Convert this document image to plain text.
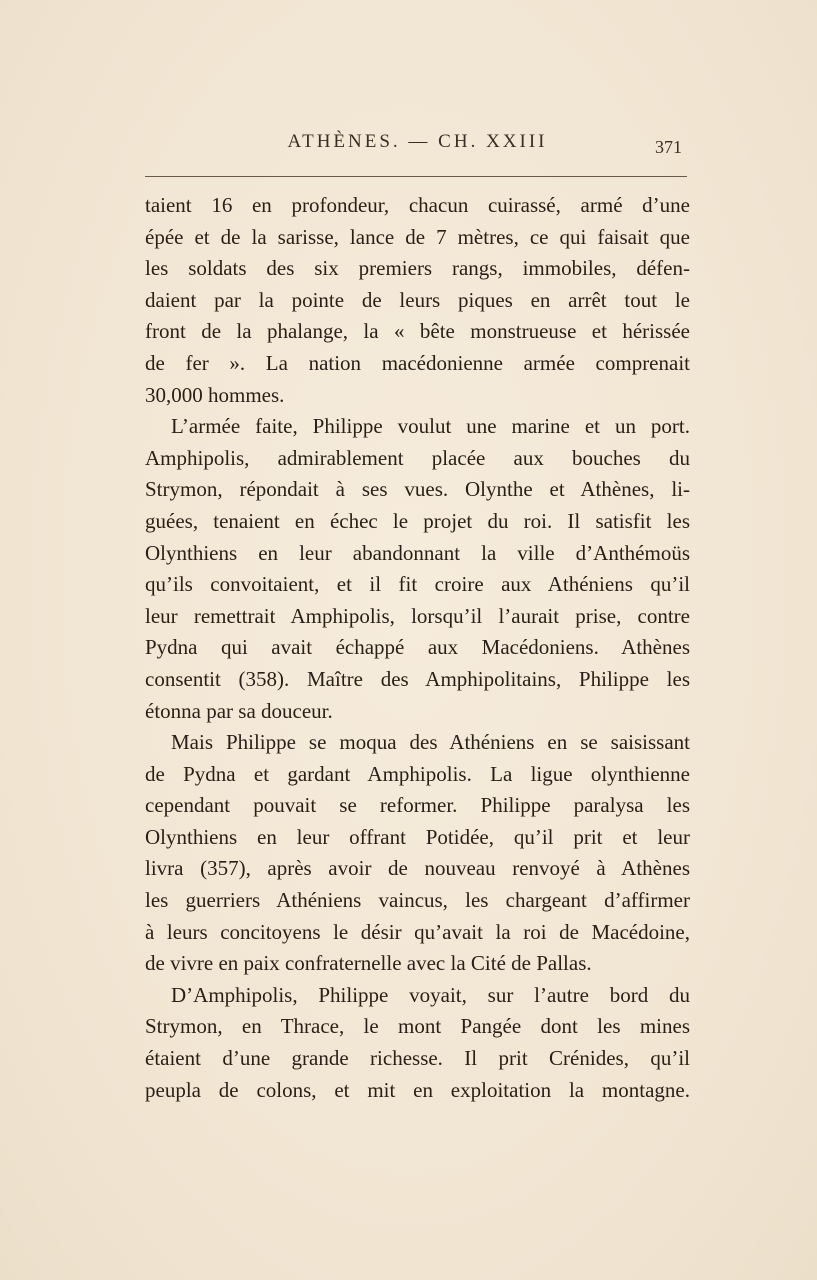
ATHÈNES. — CH. XXIII	371
taient 16 en profondeur, chacun cuirassé, armé d’une
épée et de la sarisse, lance de 7 mètres, ce qui faisait que
les soldats des six premiers rangs, immobiles, défen-
daient par la pointe de leurs piques en arrêt tout le
front de la phalange, la « bête monstrueuse et hérissée
de fer ». La nation macédonienne armée comprenait
30,000 hommes.
L’armée faite, Philippe voulut une marine et un port.
Amphipolis, admirablement placée aux bouches du
Strymon, répondait à ses vues. Olynthe et Athènes, li-
guées, tenaient en échec le projet du roi. Il satisfit les
Olynthiens en leur abandonnant la ville d’Anthémoüs
qu’ils convoitaient, et il fit croire aux Athéniens qu’il
leur remettrait Amphipolis, lorsqu’il l’aurait prise, contre
Pydna qui avait échappé aux Macédoniens. Athènes
consentit (358). Maître des Amphipolitains, Philippe les
étonna par sa douceur.
Mais Philippe se moqua des Athéniens en se saisissant
de Pydna et gardant Amphipolis. La ligue olynthienne
cependant pouvait se reformer. Philippe paralysa les
Olynthiens en leur offrant Potidée, qu’il prit et leur
livra (357), après avoir de nouveau renvoyé à Athènes
les guerriers Athéniens vaincus, les chargeant d’affirmer
à leurs concitoyens le désir qu’avait la roi de Macédoine,
de vivre en paix confraternelle avec la Cité de Pallas.
D’Amphipolis, Philippe voyait, sur l’autre bord du
Strymon, en Thrace, le mont Pangée dont les mines
étaient d’une grande richesse. Il prit Crénides, qu’il
peupla de colons, et mit en exploitation la montagne.
